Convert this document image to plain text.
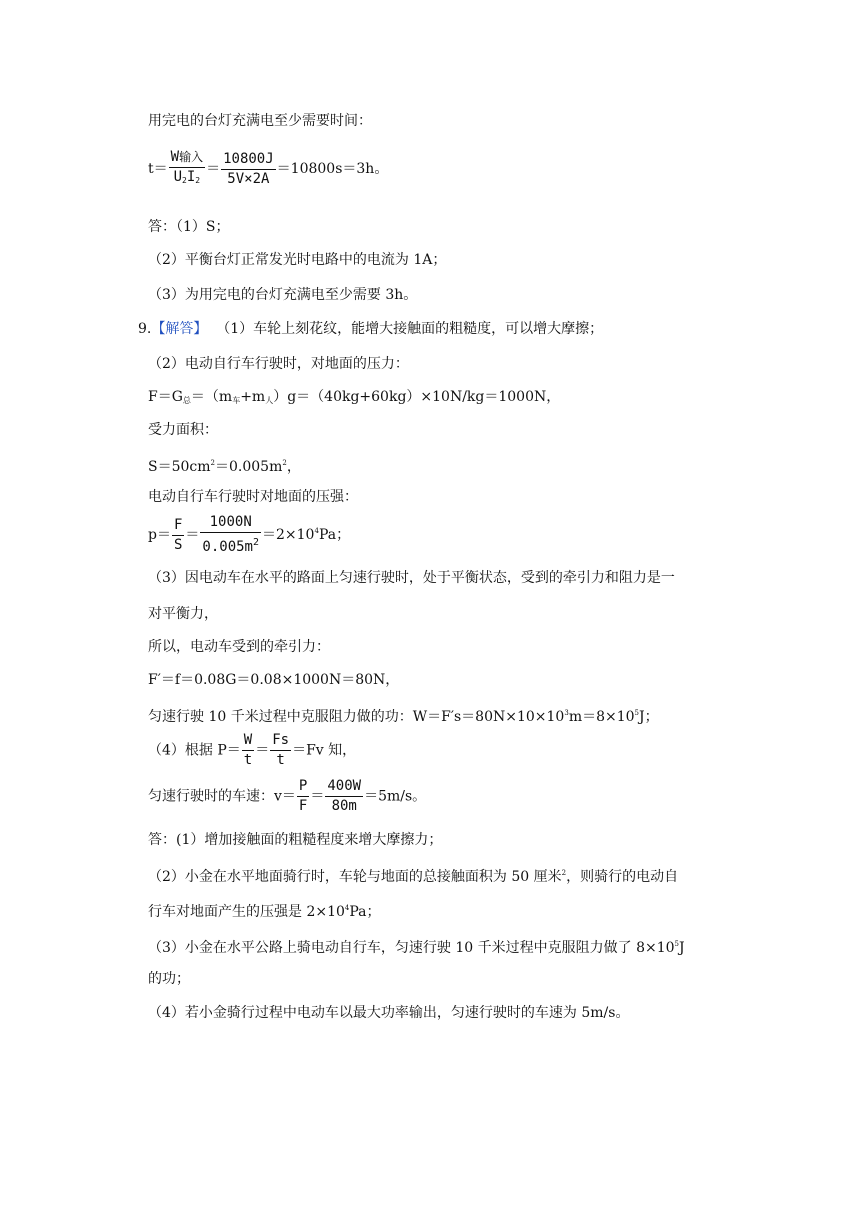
用完电的台灯充满电至少需要时间：
$t= \frac{\text{W输入}}{U_2I_2} = \frac{10800J}{5V\times 2A} =10800s=3h$。
答：（1）S；
（2）平衡台灯正常发光时电路中的电流为 1A；
（3）为用完电的台灯充满电至少需要 3h。
9.【解答】 （1）车轮上刻花纹，能增大接触面的粗糙度，可以增大摩擦；
（2）电动自行车行驶时，对地面的压力：
$F=G_总=(m_车+m_人)g=(40kg+60kg)\times 10N/kg=1000N$，
受力面积：
$S=50cm^2=0.005m^2$，
电动自行车行驶时对地面的压强：
$p= \frac{F}{S} = \frac{1000N}{0.005m^2} =2\times 10^4Pa$；
（3）因电动车在水平的路面上匀速行驶时，处于平衡状态，受到的牵引力和阻力是一
对平衡力，
所以，电动车受到的牵引力：
F′＝f＝0.08G＝0.08×1000N＝80N，
匀速行驶 10 千米过程中克服阻力做的功：$W=F's=80N\times 10\times 10^3m=8\times 10^5J$；
（4）根据 $P= \frac{W}{t} = \frac{Fs}{t} =Fv$ 知，
匀速行驶时的车速：$v= \frac{P}{F} = \frac{400W}{80m} =5m/s$。
答：(1）增加接触面的粗糙程度来增大摩擦力；
（2）小金在水平地面骑行时，车轮与地面的总接触面积为 50 厘米$^2$，则骑行的电动自
行车对地面产生的压强是 $2\times 10^4Pa$；
（3）小金在水平公路上骑电动自行车，匀速行驶 10 千米过程中克服阻力做了 $8\times 10^5J$
的功；
（4）若小金骑行过程中电动车以最大功率输出，匀速行驶时的车速为 5m/s。
